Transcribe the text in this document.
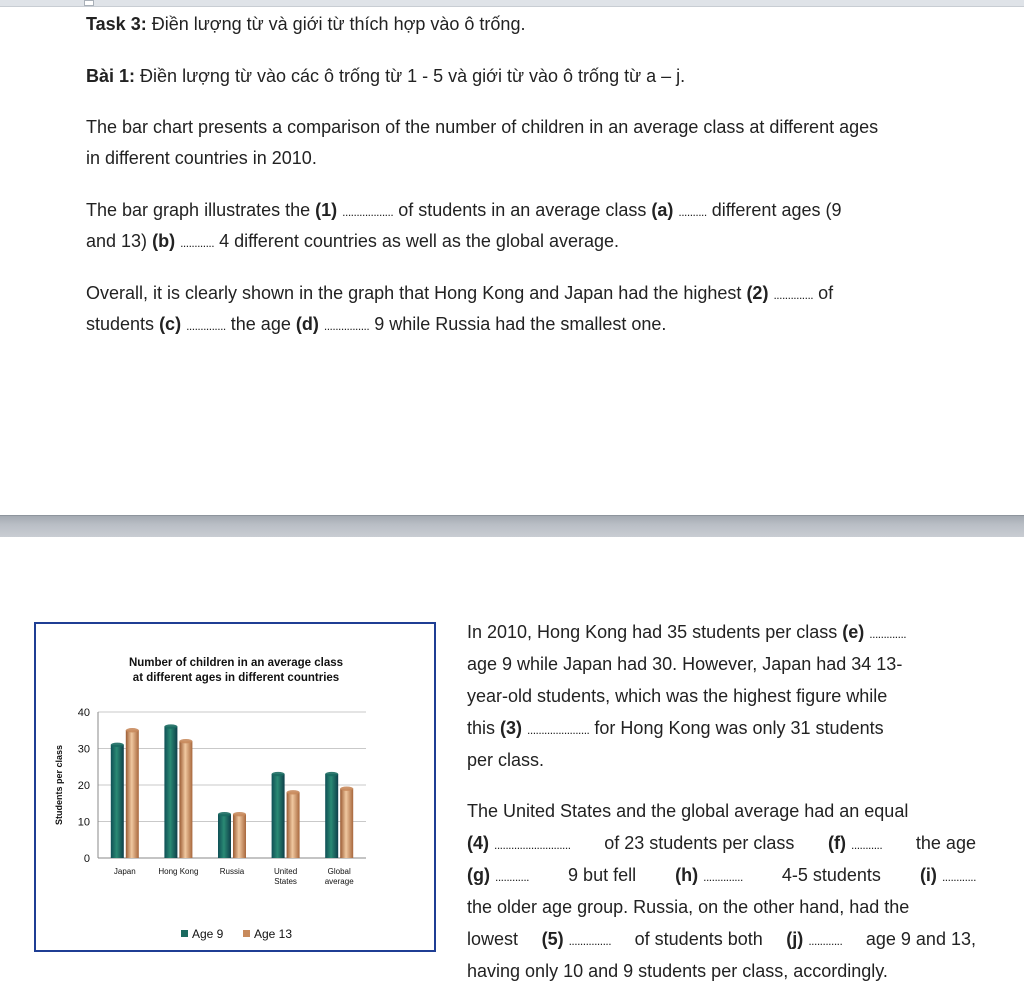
Task 3: Điền lượng từ và giới từ thích hợp vào ô trống.
Bài 1: Điền lượng từ vào các ô trống từ 1 - 5 và giới từ vào ô trống từ a – j.
The bar chart presents a comparison of the number of children in an average class at different ages
in different countries in 2010.
The bar graph illustrates the (1) .................. of students in an average class (a) .......... different ages (9
and 13) (b) ............ 4 different countries as well as the global average.
Overall, it is clearly shown in the graph that Hong Kong and Japan had the highest (2) .............. of
students (c) .............. the age (d) ................ 9 while Russia had the smallest one.
Number of children in an average class
at different ages in different countries
0
10
20
30
40
Students per class
Japan	Hong Kong	Russia	United
States
Global
average
Age 9	Age 13
In 2010, Hong Kong had 35 students per class (e) .............
age 9 while Japan had 30. However, Japan had 34 13-
year-old students, which was the highest figure while
this (3) ...................... for Hong Kong was only 31 students
per class.
The United States and the global average had an equal
(4) ........................... of 23 students per class (f) ........... the age
(g) ............ 9 but fell (h) .............. 4-5 students (i) ............
the older age group. Russia, on the other hand, had the
lowest (5) ............... of students both (j) ............ age 9 and 13,
having only 10 and 9 students per class, accordingly.
